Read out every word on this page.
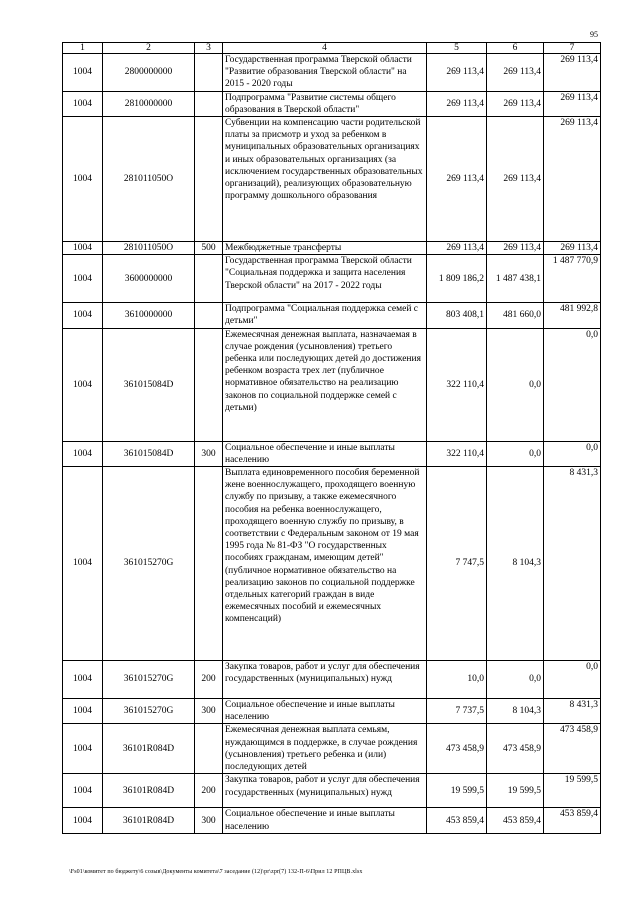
95
1	2	3	4	5	6	7
1004	2800000000		Государственная программа Тверской области "Развитие образования Тверской области" на 2015 - 2020 годы	269 113,4	269 113,4	269 113,4
1004	2810000000		Подпрограмма "Развитие системы общего образования в Тверской области"	269 113,4	269 113,4	269 113,4
1004	281011050O		Субвенции на компенсацию части родительской платы за присмотр и уход за ребенком в муниципальных образовательных организациях и иных образовательных организациях (за исключением государственных образовательных организаций), реализующих образовательную программу дошкольного образования	269 113,4	269 113,4	269 113,4
1004	281011050O	500	Межбюджетные трансферты	269 113,4	269 113,4	269 113,4
1004	3600000000		Государственная программа Тверской области "Социальная поддержка и защита населения Тверской области" на 2017 - 2022 годы	1 809 186,2	1 487 438,1	1 487 770,9
1004	3610000000		Подпрограмма "Социальная поддержка семей с детьми"	803 408,1	481 660,0	481 992,8
1004	361015084D		Ежемесячная денежная выплата, назначаемая в случае рождения (усыновления) третьего ребенка или последующих детей до достижения ребенком возраста трех лет (публичное нормативное обязательство на реализацию законов по социальной поддержке семей с детьми)	322 110,4	0,0	0,0
1004	361015084D	300	Социальное обеспечение и иные выплаты населению	322 110,4	0,0	0,0
1004	361015270G		Выплата единовременного пособия беременной жене военнослужащего, проходящего военную службу по призыву, а также ежемесячного пособия на ребенка военнослужащего, проходящего военную службу по призыву, в соответствии с Федеральным законом от 19 мая 1995 года № 81-ФЗ "О государственных пособиях гражданам, имеющим детей" (публичное нормативное обязательство на реализацию законов по социальной поддержке отдельных категорий граждан в виде ежемесячных пособий и ежемесячных компенсаций)	7 747,5	8 104,3	8 431,3
1004	361015270G	200	Закупка товаров, работ и услуг для обеспечения государственных (муниципальных) нужд	10,0	0,0	0,0
1004	361015270G	300	Социальное обеспечение и иные выплаты населению	7 737,5	8 104,3	8 431,3
1004	36101R084D		Ежемесячная денежная выплата семьям, нуждающимся в поддержке, в случае рождения (усыновления) третьего ребенка и (или) последующих детей	473 458,9	473 458,9	473 458,9
1004	36101R084D	200	Закупка товаров, работ и услуг для обеспечения государственных (муниципальных) нужд	19 599,5	19 599,5	19 599,5
1004	36101R084D	300	Социальное обеспечение и иные выплаты населению	453 859,4	453 859,4	453 859,4
\Fs01\комитет по бюджету\6 созыв\Документы комитета\7 заседание (12)\pr\zpr(7) 132-П-6\Прил 12 РПЦВ.xlsx
